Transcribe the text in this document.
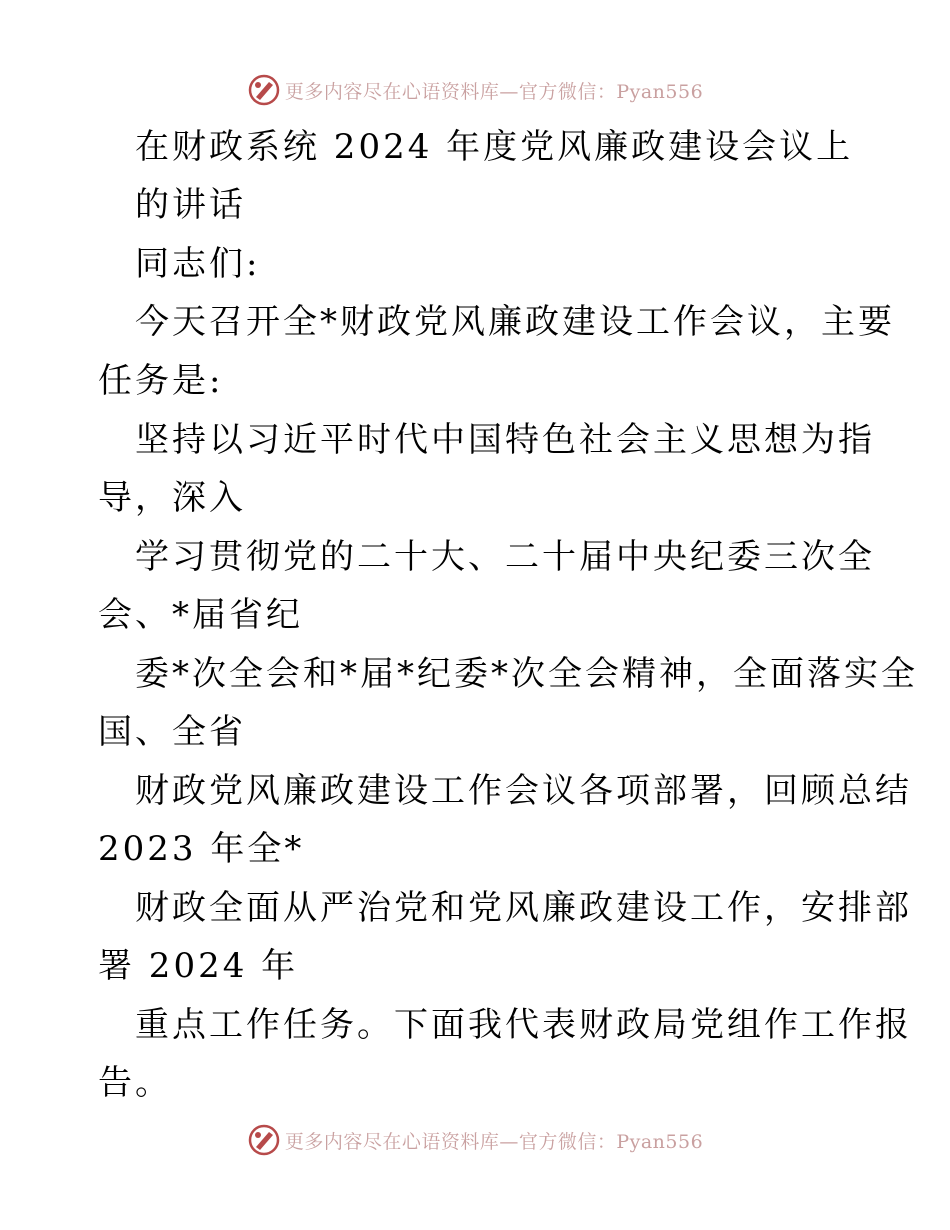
更多内容尽在心语资料库—官方微信：Pyan556
在财政系统 2024 年度党风廉政建设会议上
的讲话
同志们:
今天召开全*财政党风廉政建设工作会议，主要
任务是:
坚持以习近平时代中国特色社会主义思想为指
导，深入
学习贯彻党的二十大、二十届中央纪委三次全
会、*届省纪
委*次全会和*届*纪委*次全会精神，全面落实全
国、全省
财政党风廉政建设工作会议各项部署，回顾总结
2023 年全*
财政全面从严治党和党风廉政建设工作，安排部
署 2024 年
重点工作任务。下面我代表财政局党组作工作报
告。
更多内容尽在心语资料库—官方微信：Pyan556
